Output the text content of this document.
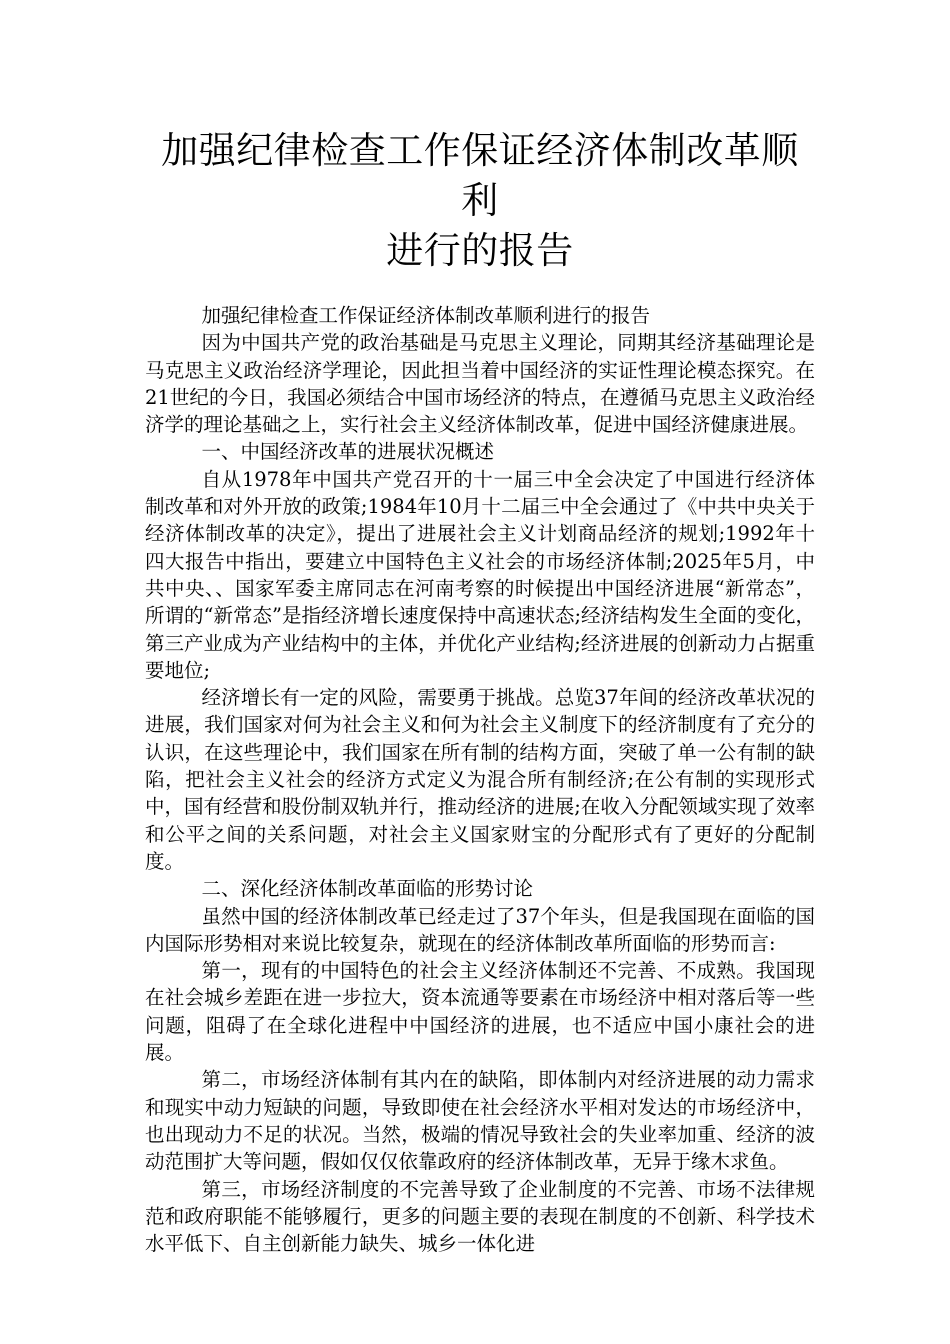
加强纪律检查工作保证经济体制改革顺利
进行的报告

加强纪律检查工作保证经济体制改革顺利进行的报告

因为中国共产党的政治基础是马克思主义理论，同期其经济基础理论是马克思主义政治经济学理论，因此担当着中国经济的实证性理论模态探究。在21世纪的今日，我国必须结合中国市场经济的特点，在遵循马克思主义政治经济学的理论基础之上，实行社会主义经济体制改革，促进中国经济健康进展。

一、中国经济改革的进展状况概述

自从1978年中国共产党召开的十一届三中全会决定了中国进行经济体制改革和对外开放的政策;1984年10月十二届三中全会通过了《中共中央关于经济体制改革的决定》，提出了进展社会主义计划商品经济的规划;1992年十四大报告中指出，要建立中国特色主义社会的市场经济体制;2025年5月，中共中央、、国家军委主席同志在河南考察的时候提出中国经济进展“新常态”，所谓的“新常态”是指经济增长速度保持中高速状态;经济结构发生全面的变化，第三产业成为产业结构中的主体，并优化产业结构;经济进展的创新动力占据重要地位;

经济增长有一定的风险，需要勇于挑战。总览37年间的经济改革状况的进展，我们国家对何为社会主义和何为社会主义制度下的经济制度有了充分的认识，在这些理论中，我们国家在所有制的结构方面，突破了单一公有制的缺陷，把社会主义社会的经济方式定义为混合所有制经济;在公有制的实现形式中，国有经营和股份制双轨并行，推动经济的进展;在收入分配领域实现了效率和公平之间的关系问题，对社会主义国家财宝的分配形式有了更好的分配制度。

二、深化经济体制改革面临的形势讨论

虽然中国的经济体制改革已经走过了37个年头，但是我国现在面临的国内国际形势相对来说比较复杂，就现在的经济体制改革所面临的形势而言:

第一，现有的中国特色的社会主义经济体制还不完善、不成熟。我国现在社会城乡差距在进一步拉大，资本流通等要素在市场经济中相对落后等一些问题，阻碍了在全球化进程中中国经济的进展，也不适应中国小康社会的进展。

第二，市场经济体制有其内在的缺陷，即体制内对经济进展的动力需求和现实中动力短缺的问题，导致即使在社会经济水平相对发达的市场经济中，也出现动力不足的状况。当然，极端的情况导致社会的失业率加重、经济的波动范围扩大等问题，假如仅仅依靠政府的经济体制改革，无异于缘木求鱼。

第三，市场经济制度的不完善导致了企业制度的不完善、市场不法律规范和政府职能不能够履行，更多的问题主要的表现在制度的不创新、科学技术水平低下、自主创新能力缺失、城乡一体化进
